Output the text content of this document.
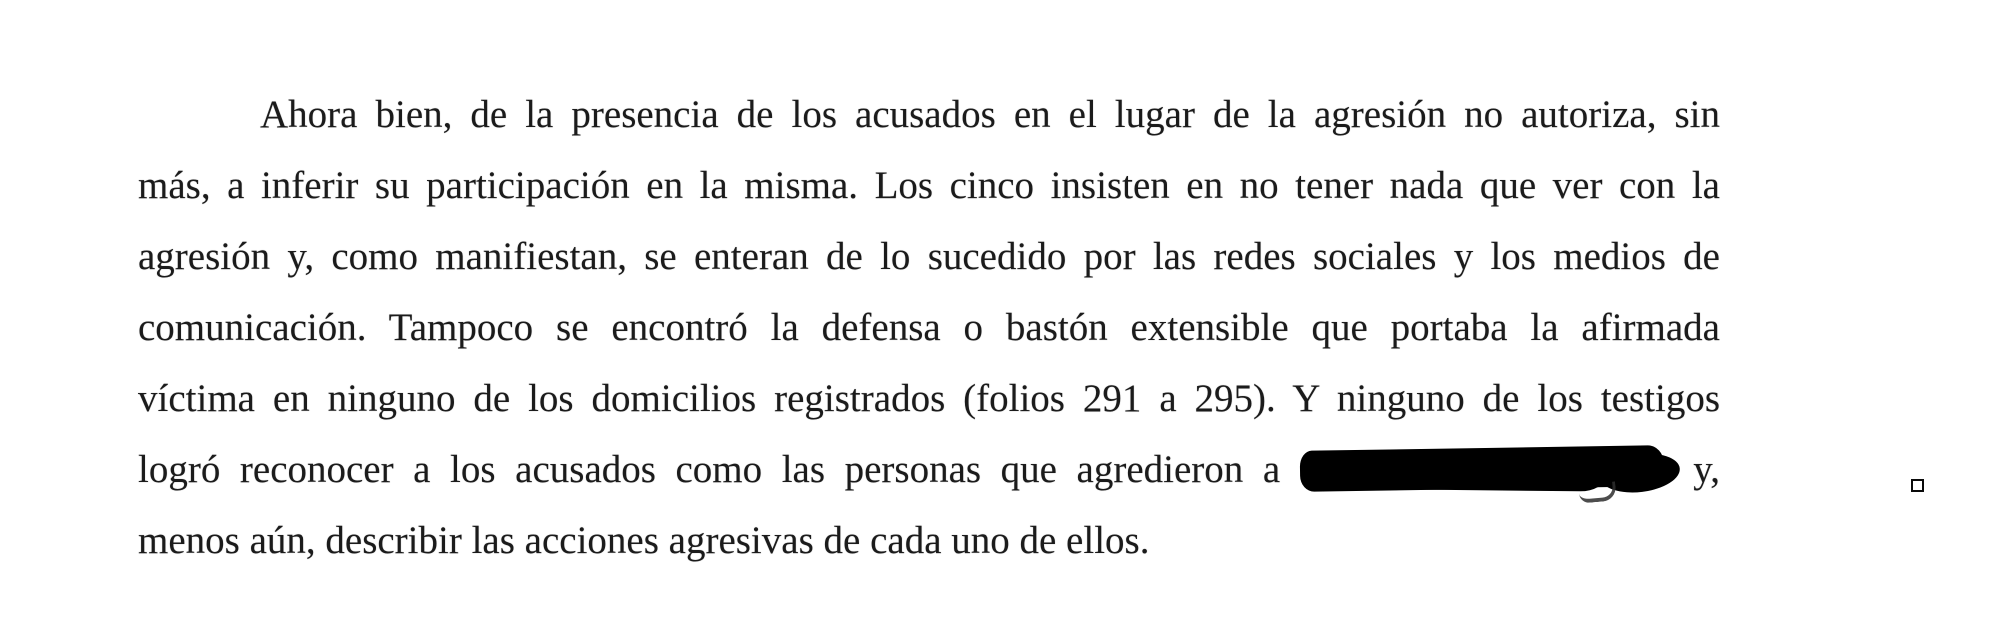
Ahora bien, de la presencia de los acusados en el lugar de la agresión no autoriza, sin
más, a inferir su participación en la misma. Los cinco insisten en no tener nada que ver con la
agresión y, como manifiestan, se enteran de lo sucedido por las redes sociales y los medios de
comunicación. Tampoco se encontró la defensa o bastón extensible que portaba la afirmada
víctima en ninguno de los domicilios registrados (folios 291 a 295). Y ninguno de los testigos
logró reconocer a los acusados como las personas que agredieron a	y,
menos aún, describir las acciones agresivas de cada uno de ellos.
